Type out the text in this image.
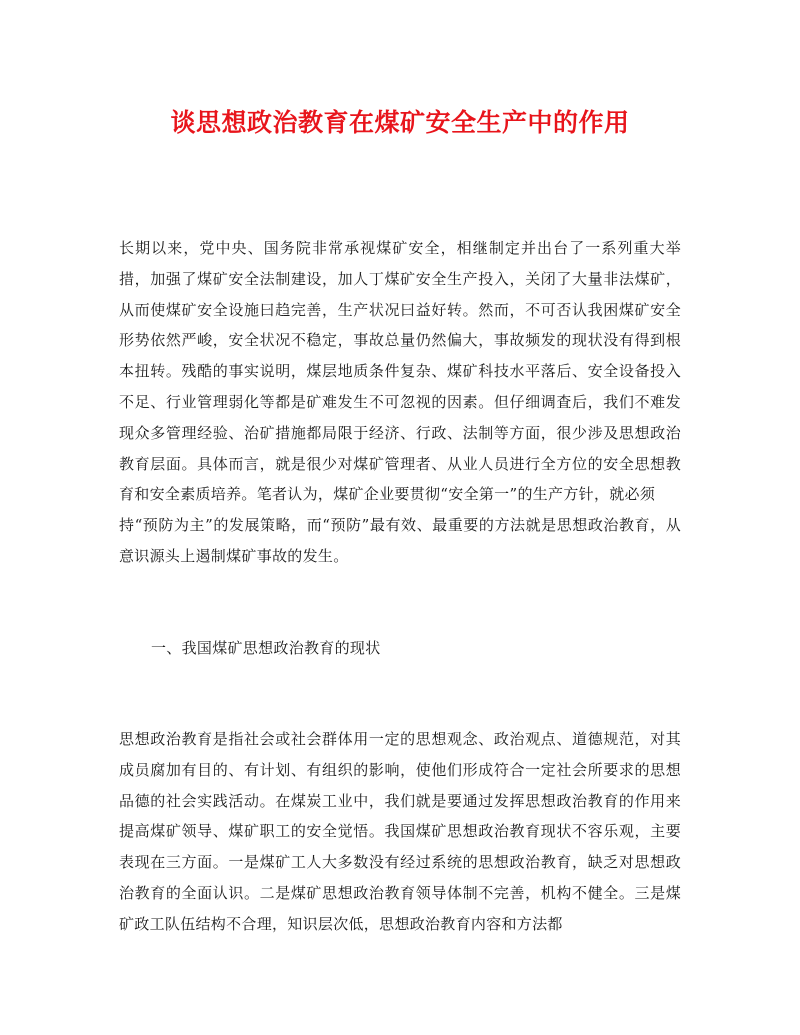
谈思想政治教育在煤矿安全生产中的作用
长期以来，党中央、国务院非常承视煤矿安全，相继制定并出台了一系列重大举措，加强了煤矿安全法制建设，加人丁煤矿安全生产投入，关闭了大量非法煤矿，从而使煤矿安全设施曰趋完善，生产状况曰益好转。然而，不可否认我困煤矿安全形势依然严峻，安全状况不稳定，事故总量仍然偏大，事故频发的现状没有得到根本扭转。残酷的事实说明，煤层地质条件复杂、煤矿科技水平落后、安全设备投入不足、行业管理弱化等都是矿难发生不可忽视的因素。但仔细调査后，我们不难发现众多管理经验、治矿措施都局限于经济、行政、法制等方面，很少涉及思想政治教育层面。具体而言，就是很少对煤矿管理者、从业人员进行全方位的安全思想教育和安全素质培养。笔者认为，煤矿企业要贯彻“安全第一”的生产方针，就必须
持“预防为主”的发展策略，而“预防”最有效、最重要的方法就是思想政治教育，从意识源头上遏制煤矿事故的发生。
一、我国煤矿思想政治教育的现状
思想政治教育是指社会或社会群体用一定的思想观念、政治观点、道德规范，对其成员腐加有目的、有计划、有组织的影响，使他们形成符合一定社会所要求的思想品德的社会实践活动。在煤炭工业中，我们就是要通过发挥思想政治教育的作用来提高煤矿领导、煤矿职工的安全觉悟。我国煤矿思想政治教育现状不容乐观，主要表现在三方面。一是煤矿工人大多数没有经过系统的思想政治教育，缺乏对思想政治教育的全面认识。二是煤矿思想政治教育领导体制不完善，机构不健全。三是煤矿政工队伍结构不合理，知识层次低，思想政治教育内容和方法都
